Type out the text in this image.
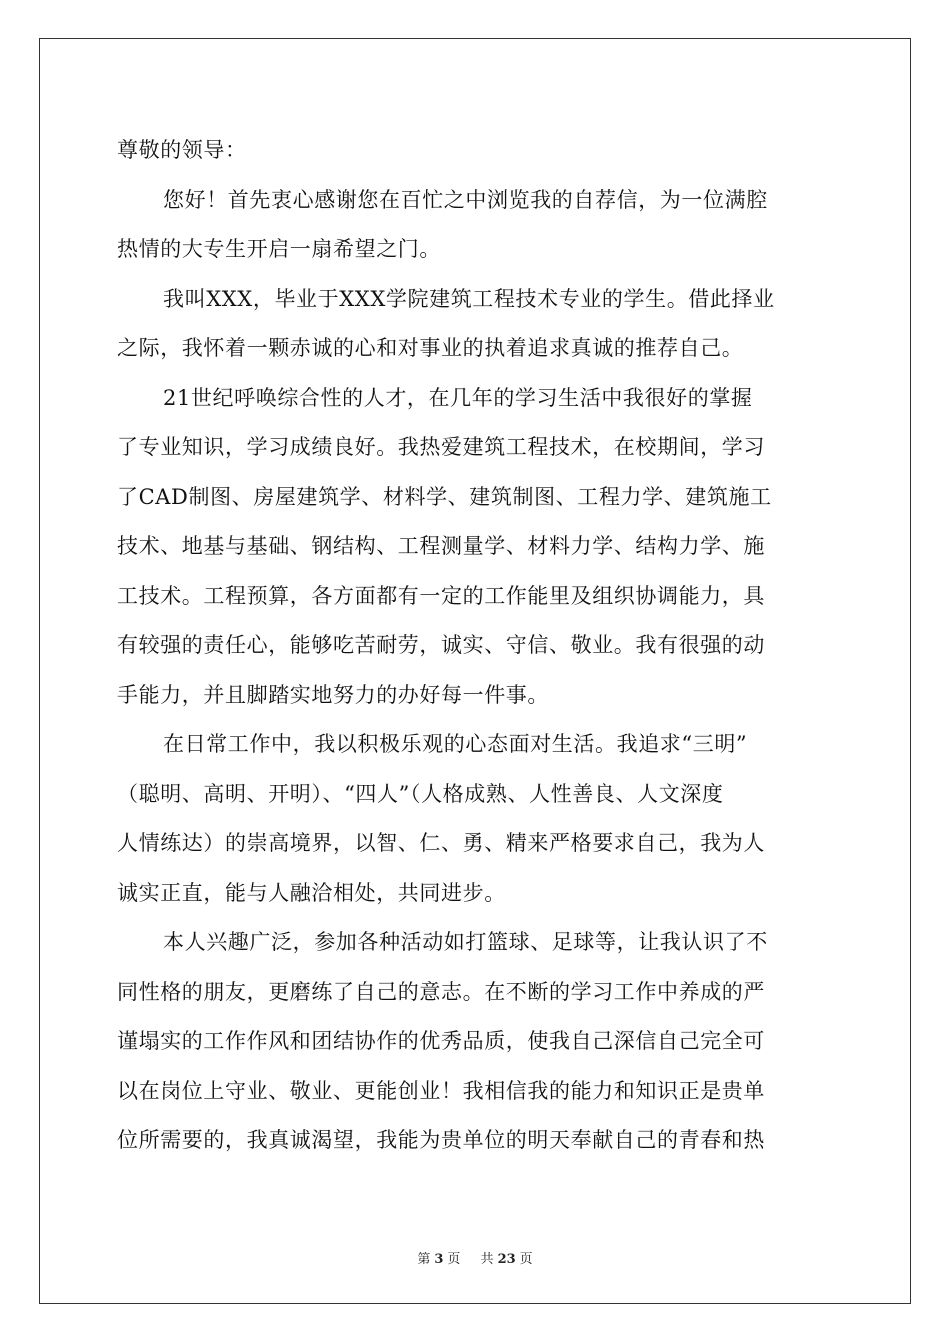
尊敬的领导：
您好！首先衷心感谢您在百忙之中浏览我的自荐信，为一位满腔
热情的大专生开启一扇希望之门。
我叫XXX，毕业于XXX学院建筑工程技术专业的学生。借此择业
之际，我怀着一颗赤诚的心和对事业的执着追求真诚的推荐自己。
21世纪呼唤综合性的人才，在几年的学习生活中我很好的掌握
了专业知识，学习成绩良好。我热爱建筑工程技术，在校期间，学习
了CAD制图、房屋建筑学、材料学、建筑制图、工程力学、建筑施工
技术、地基与基础、钢结构、工程测量学、材料力学、结构力学、施
工技术。工程预算，各方面都有一定的工作能里及组织协调能力，具
有较强的责任心，能够吃苦耐劳，诚实、守信、敬业。我有很强的动
手能力，并且脚踏实地努力的办好每一件事。
在日常工作中，我以积极乐观的心态面对生活。我追求“三明”
（聪明、高明、开明）、“四人”（人格成熟、人性善良、人文深度
人情练达）的崇高境界，以智、仁、勇、精来严格要求自己，我为人
诚实正直，能与人融洽相处，共同进步。
本人兴趣广泛，参加各种活动如打篮球、足球等，让我认识了不
同性格的朋友，更磨练了自己的意志。在不断的学习工作中养成的严
谨塌实的工作作风和团结协作的优秀品质，使我自己深信自己完全可
以在岗位上守业、敬业、更能创业！我相信我的能力和知识正是贵单
位所需要的，我真诚渴望，我能为贵单位的明天奉献自己的青春和热
第 3 页 共 23 页
